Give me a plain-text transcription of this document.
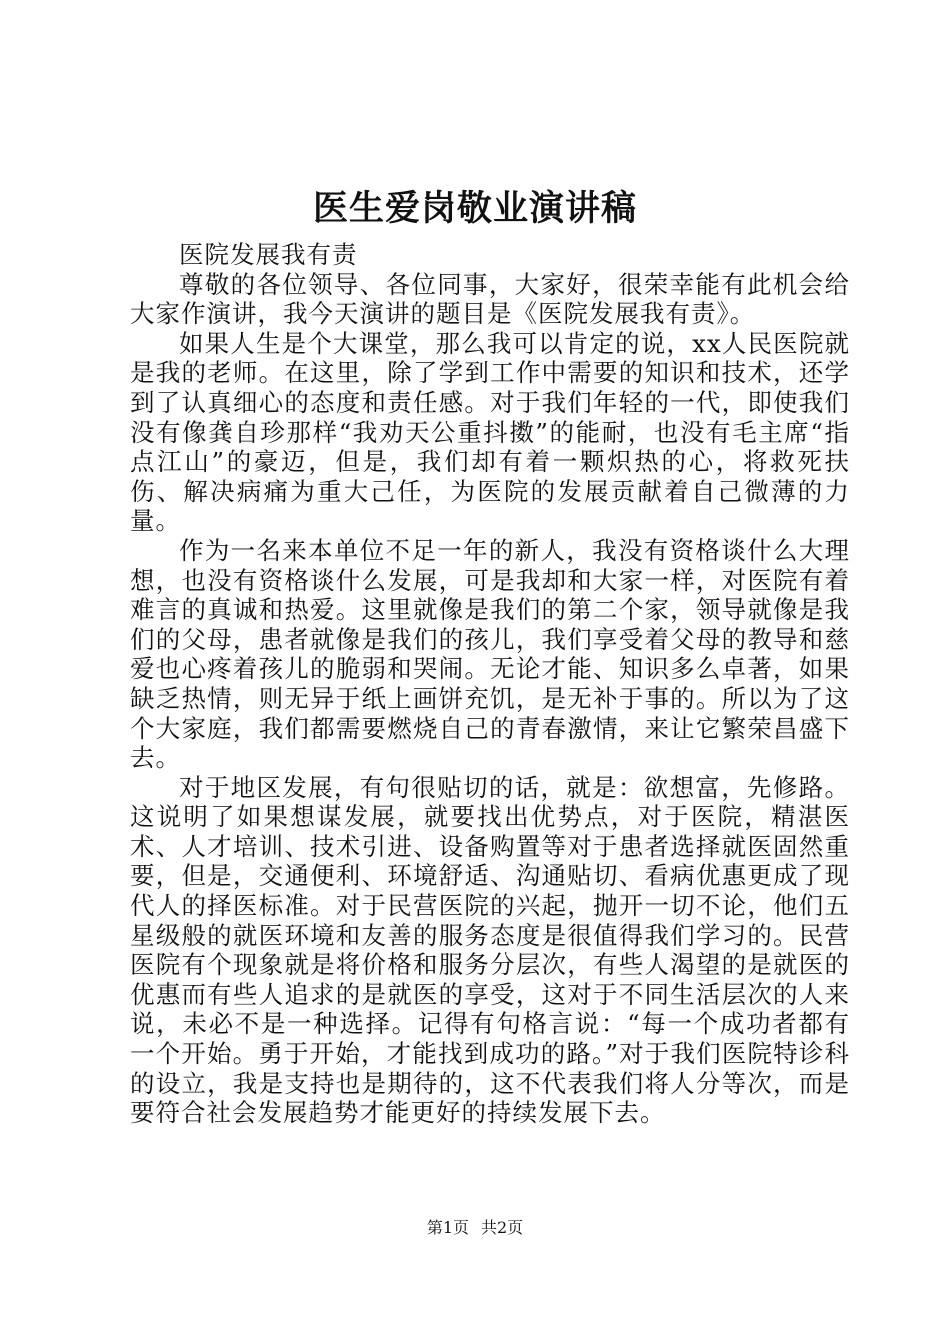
医生爱岗敬业演讲稿

医院发展我有责

尊敬的各位领导、各位同事，大家好，很荣幸能有此机会给大家作演讲，我今天演讲的题目是《医院发展我有责》。

如果人生是个大课堂，那么我可以肯定的说，xx人民医院就是我的老师。在这里，除了学到工作中需要的知识和技术，还学到了认真细心的态度和责任感。对于我们年轻的一代，即使我们没有像龚自珍那样“我劝天公重抖擞”的能耐，也没有毛主席“指点江山”的豪迈，但是，我们却有着一颗炽热的心，将救死扶伤、解决病痛为重大己任，为医院的发展贡献着自己微薄的力量。

作为一名来本单位不足一年的新人，我没有资格谈什么大理想，也没有资格谈什么发展，可是我却和大家一样，对医院有着难言的真诚和热爱。这里就像是我们的第二个家，领导就像是我们的父母，患者就像是我们的孩儿，我们享受着父母的教导和慈爱也心疼着孩儿的脆弱和哭闹。无论才能、知识多么卓著，如果缺乏热情，则无异于纸上画饼充饥，是无补于事的。所以为了这个大家庭，我们都需要燃烧自己的青春激情，来让它繁荣昌盛下去。

对于地区发展，有句很贴切的话，就是：欲想富，先修路。这说明了如果想谋发展，就要找出优势点，对于医院，精湛医术、人才培训、技术引进、设备购置等对于患者选择就医固然重要，但是，交通便利、环境舒适、沟通贴切、看病优惠更成了现代人的择医标准。对于民营医院的兴起，抛开一切不论，他们五星级般的就医环境和友善的服务态度是很值得我们学习的。民营医院有个现象就是将价格和服务分层次，有些人渴望的是就医的优惠而有些人追求的是就医的享受，这对于不同生活层次的人来说，未必不是一种选择。记得有句格言说：“每一个成功者都有一个开始。勇于开始，才能找到成功的路。”对于我们医院特诊科的设立，我是支持也是期待的，这不代表我们将人分等次，而是要符合社会发展趋势才能更好的持续发展下去。

第1页 共2页
